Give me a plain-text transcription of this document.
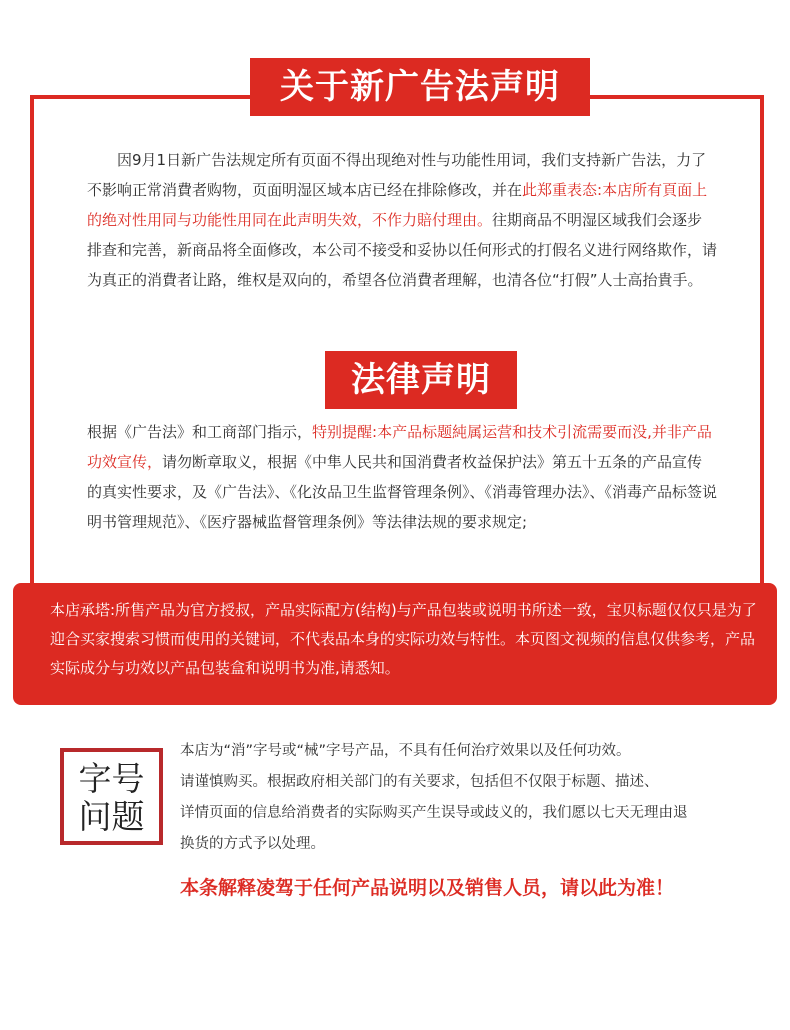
关于新广告法声明
因9月1日新广告法规定所有页面不得出现绝对性与功能性用词，我们支持新广告法，力了不影响正常消費者购物，页面明湿区域本店已经在排除修改，并在此郑重表态:本店所有頁面上的绝对性用同与功能性用同在此声明失效，不作力賠付理由。往期商品不明湿区域我们会逐步排查和完善，新商品将全面修改，本公司不接受和妥协以任何形式的打假名义进行网络欺作，请为真正的消費者让路，维权是双向的，希望各位消費者理解，也清各位“打假”人士高抬貴手。
法律声明
根据《广告法》和工商部门指示，特别提醒:本产品标题純属运营和技术引流需要而没,并非产品功效宣传，请勿断章取义，根据《中隼人民共和国消費者枚益保护法》第五十五条的产品宣传的真实性要求，及《广告法》、《化汝品卫生监督管理条例》、《消毒管理办法》、《消毒产品标签说明书管理规范》、《医疗器械监督管理条例》等法律法规的要求规定;
本店承塔:所售产品为官方授叔，产品实际配方(结构)与产品包装或说明书所述一致，宝贝标题仅仅只是为了迎合买家搜索习惯而使用的关键词，不代表品本身的实际功效与特性。本页图文视频的信息仅供参考，产品实际成分与功效以产品包装盒和说明书为准,请悉知。
字号
问题
本店为“消”字号或“械”字号产品，不具有任何治疗效果以及任何功效。
请谨慎购买。根据政府相关部门的有关要求，包括但不仅限于标题、描述、
详情页面的信息给消费者的实际购买产生误导或歧义的，我们愿以七天无理由退
换货的方式予以处理。
本条解释凌驾于任何产品说明以及销售人员，请以此为准！
